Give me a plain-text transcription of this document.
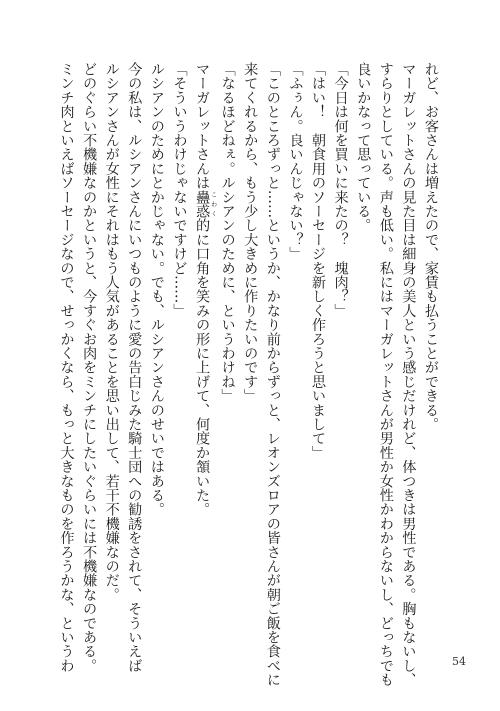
れど、お客さんは増えたので、家賃も払うことができる。
マーガレットさんの見た目は細身の美人という感じだけれど、体つきは男性である。胸もないし、
すらりとしている。声も低い。私にはマーガレットさんが男性か女性かわからないし、どっちでも
良いかなって思っている。
「今日は何を買いに来たの？　塊肉？」
「はい！　朝食用のソーセージを新しく作ろうと思いまして」
「ふぅん。良いんじゃない？」
「このところずっと……というか、かなり前からずっと、レオンズロアの皆さんが朝ご飯を食べに
来てくれるから、もう少し大きめに作りたいのです」
「なるほどねぇ。ルシアンのために、というわけね」
マーガレットさんは蠱惑 こわく的に口角を笑みの形に上げて、何度か頷いた。
「そういうわけじゃないですけど……」
ルシアンのためにとかじゃない。でも、ルシアンさんのせいではある。
今の私は、ルシアンさんにいつものように愛の告白じみた騎士団への勧誘をされて、そういえば
ルシアンさんが女性にそれはもう人気があることを思い出して、若干不機嫌なのだ。
どのぐらい不機嫌なのかというと、今すぐお肉をミンチにしたいぐらいには不機嫌なのである。
ミンチ肉といえばソーセージなので、せっかくなら、もっと大きなものを作ろうかな、というわ	54
